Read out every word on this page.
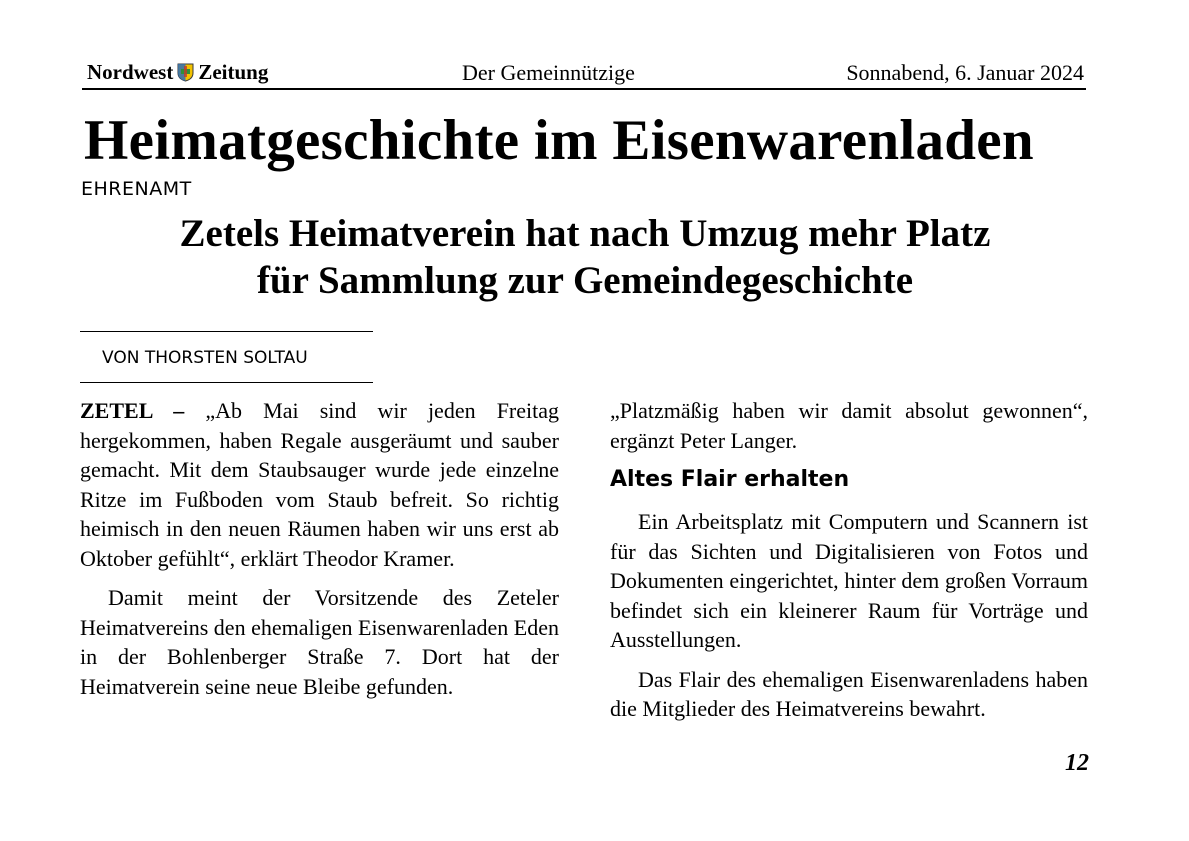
Nordwest Zeitung	Der Gemeinnützige	Sonnabend, 6. Januar 2024
Heimatgeschichte im Eisenwarenladen
EHRENAMT
Zetels Heimatverein hat nach Umzug mehr Platz
für Sammlung zur Gemeindegeschichte
VON THORSTEN SOLTAU

ZETEL – „Ab Mai sind wir jeden Freitag hergekommen, haben Regale ausgeräumt und sauber gemacht. Mit dem Staubsauger wurde jede einzelne Ritze im Fußboden vom Staub befreit. So richtig heimisch in den neuen Räumen haben wir uns erst ab Oktober gefühlt“, erklärt Theodor Kramer.

Damit meint der Vorsitzende des Zeteler Heimatvereins den ehemaligen Eisenwarenladen Eden in der Bohlenberger Straße 7. Dort hat der Heimatverein seine neue Bleibe gefunden.

„Platzmäßig haben wir damit absolut gewonnen“, ergänzt Peter Langer.

Altes Flair erhalten

Ein Arbeitsplatz mit Computern und Scannern ist für das Sichten und Digitalisieren von Fotos und Dokumenten eingerichtet, hinter dem großen Vorraum befindet sich ein kleinerer Raum für Vorträge und Ausstellungen.

Das Flair des ehemaligen Eisenwarenladens haben die Mitglieder des Heimatvereins bewahrt.

12
